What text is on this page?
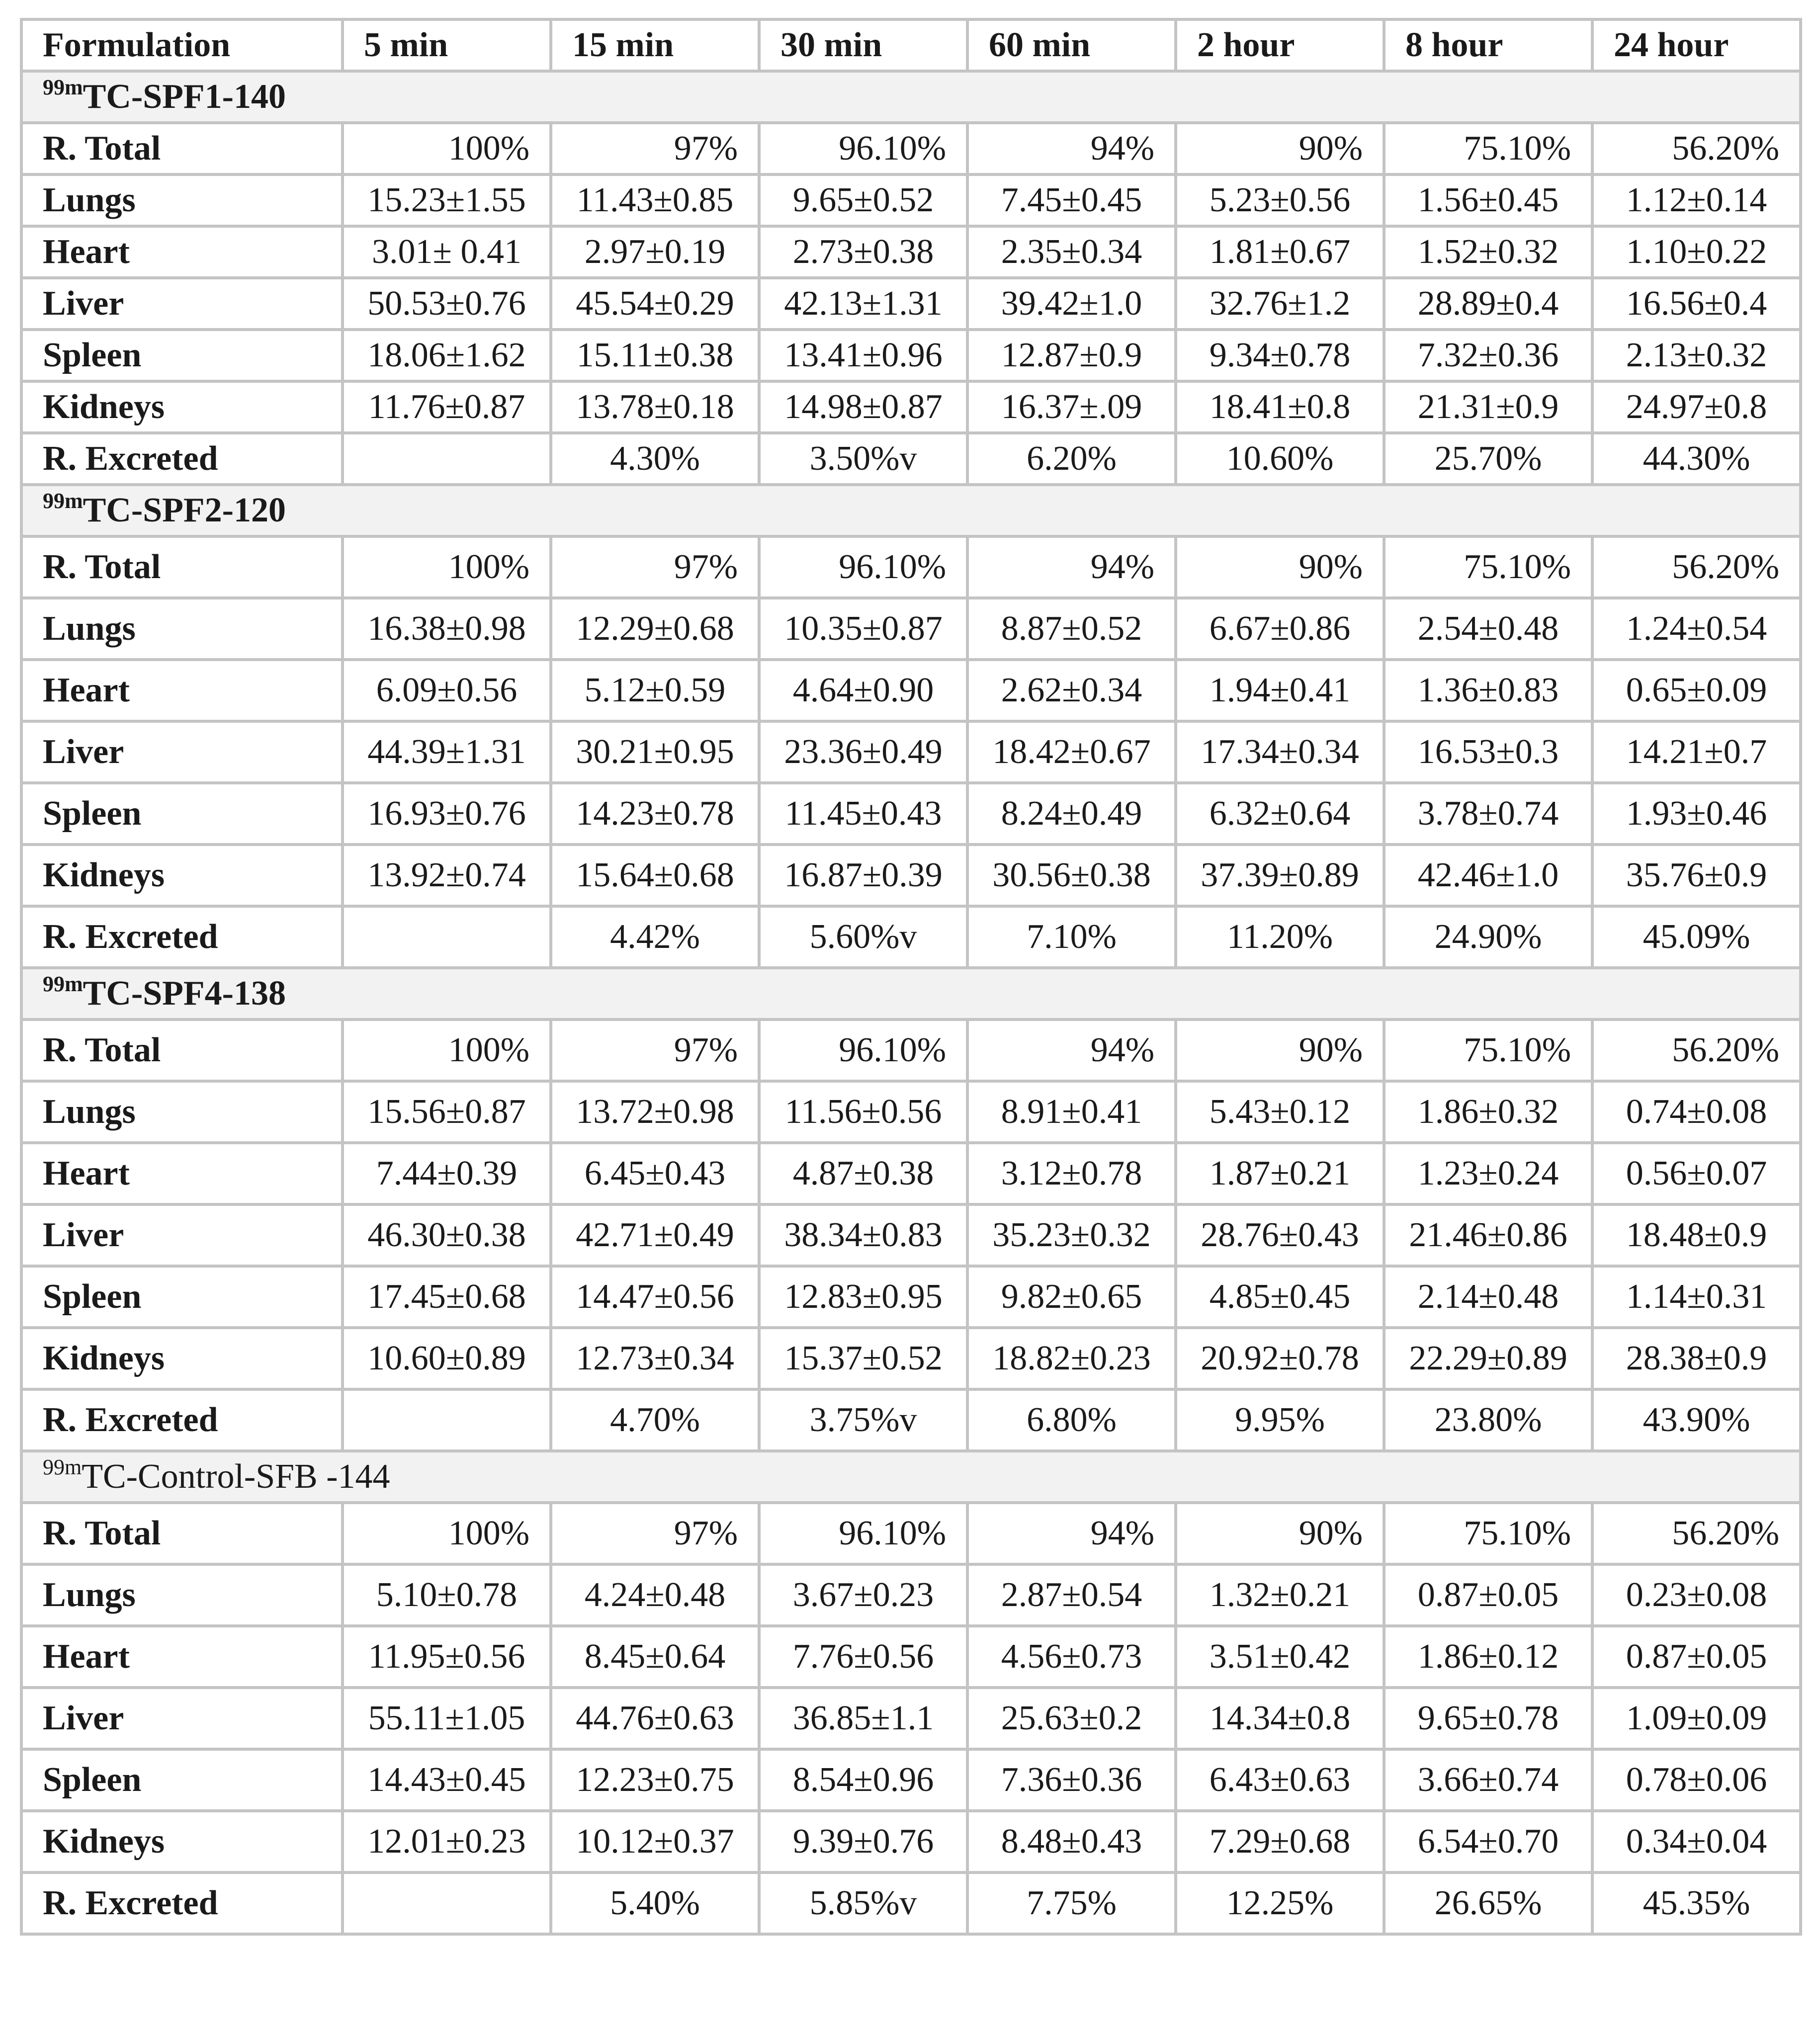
Formulation	5 min	15 min	30 min	60 min	2 hour	8 hour	24 hour
$^{99m}$TC-SPF1-140							
R. Total	100%	97%	96.10%	94%	90%	75.10%	56.20%
Lungs	15.23±1.55	11.43±0.85	9.65±0.52	7.45±0.45	5.23±0.56	1.56±0.45	1.12±0.14
Heart	3.01± 0.41	2.97±0.19	2.73±0.38	2.35±0.34	1.81±0.67	1.52±0.32	1.10±0.22
Liver	50.53±0.76	45.54±0.29	42.13±1.31	39.42±1.0	32.76±1.2	28.89±0.4	16.56±0.4
Spleen	18.06±1.62	15.11±0.38	13.41±0.96	12.87±0.9	9.34±0.78	7.32±0.36	2.13±0.32
Kidneys	11.76±0.87	13.78±0.18	14.98±0.87	16.37±.09	18.41±0.8	21.31±0.9	24.97±0.8
R. Excreted		4.30%	3.50%v	6.20%	10.60%	25.70%	44.30%
$^{99m}$TC-SPF2-120							
R. Total	100%	97%	96.10%	94%	90%	75.10%	56.20%
Lungs	16.38±0.98	12.29±0.68	10.35±0.87	8.87±0.52	6.67±0.86	2.54±0.48	1.24±0.54
Heart	6.09±0.56	5.12±0.59	4.64±0.90	2.62±0.34	1.94±0.41	1.36±0.83	0.65±0.09
Liver	44.39±1.31	30.21±0.95	23.36±0.49	18.42±0.67	17.34±0.34	16.53±0.3	14.21±0.7
Spleen	16.93±0.76	14.23±0.78	11.45±0.43	8.24±0.49	6.32±0.64	3.78±0.74	1.93±0.46
Kidneys	13.92±0.74	15.64±0.68	16.87±0.39	30.56±0.38	37.39±0.89	42.46±1.0	35.76±0.9
R. Excreted		4.42%	5.60%v	7.10%	11.20%	24.90%	45.09%
$^{99m}$TC-SPF4-138							
R. Total	100%	97%	96.10%	94%	90%	75.10%	56.20%
Lungs	15.56±0.87	13.72±0.98	11.56±0.56	8.91±0.41	5.43±0.12	1.86±0.32	0.74±0.08
Heart	7.44±0.39	6.45±0.43	4.87±0.38	3.12±0.78	1.87±0.21	1.23±0.24	0.56±0.07
Liver	46.30±0.38	42.71±0.49	38.34±0.83	35.23±0.32	28.76±0.43	21.46±0.86	18.48±0.9
Spleen	17.45±0.68	14.47±0.56	12.83±0.95	9.82±0.65	4.85±0.45	2.14±0.48	1.14±0.31
Kidneys	10.60±0.89	12.73±0.34	15.37±0.52	18.82±0.23	20.92±0.78	22.29±0.89	28.38±0.9
R. Excreted		4.70%	3.75%v	6.80%	9.95%	23.80%	43.90%
$^{99m}$TC-Control-SFB -144							
R. Total	100%	97%	96.10%	94%	90%	75.10%	56.20%
Lungs	5.10±0.78	4.24±0.48	3.67±0.23	2.87±0.54	1.32±0.21	0.87±0.05	0.23±0.08
Heart	11.95±0.56	8.45±0.64	7.76±0.56	4.56±0.73	3.51±0.42	1.86±0.12	0.87±0.05
Liver	55.11±1.05	44.76±0.63	36.85±1.1	25.63±0.2	14.34±0.8	9.65±0.78	1.09±0.09
Spleen	14.43±0.45	12.23±0.75	8.54±0.96	7.36±0.36	6.43±0.63	3.66±0.74	0.78±0.06
Kidneys	12.01±0.23	10.12±0.37	9.39±0.76	8.48±0.43	7.29±0.68	6.54±0.70	0.34±0.04
R. Excreted		5.40%	5.85%v	7.75%	12.25%	26.65%	45.35%
